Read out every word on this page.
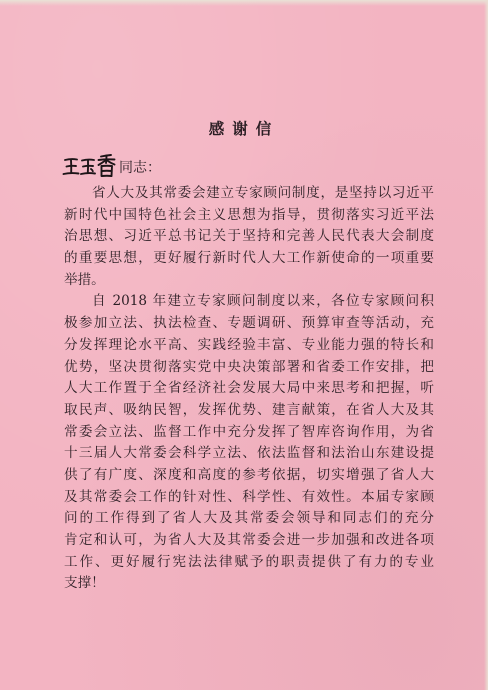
感谢信
同志：
省人大及其常委会建立专家顾问制度，是坚持以习近平
新时代中国特色社会主义思想为指导，贯彻落实习近平法
治思想、习近平总书记关于坚持和完善人民代表大会制度
的重要思想，更好履行新时代人大工作新使命的一项重要
举措。
自 2018 年建立专家顾问制度以来，各位专家顾问积
极参加立法、执法检查、专题调研、预算审查等活动，充
分发挥理论水平高、实践经验丰富、专业能力强的特长和
优势，坚决贯彻落实党中央决策部署和省委工作安排，把
人大工作置于全省经济社会发展大局中来思考和把握，听
取民声、吸纳民智，发挥优势、建言献策，在省人大及其
常委会立法、监督工作中充分发挥了智库咨询作用，为省
十三届人大常委会科学立法、依法监督和法治山东建设提
供了有广度、深度和高度的参考依据，切实增强了省人大
及其常委会工作的针对性、科学性、有效性。本届专家顾
问的工作得到了省人大及其常委会领导和同志们的充分
肯定和认可，为省人大及其常委会进一步加强和改进各项
工作、更好履行宪法法律赋予的职责提供了有力的专业
支撑！
